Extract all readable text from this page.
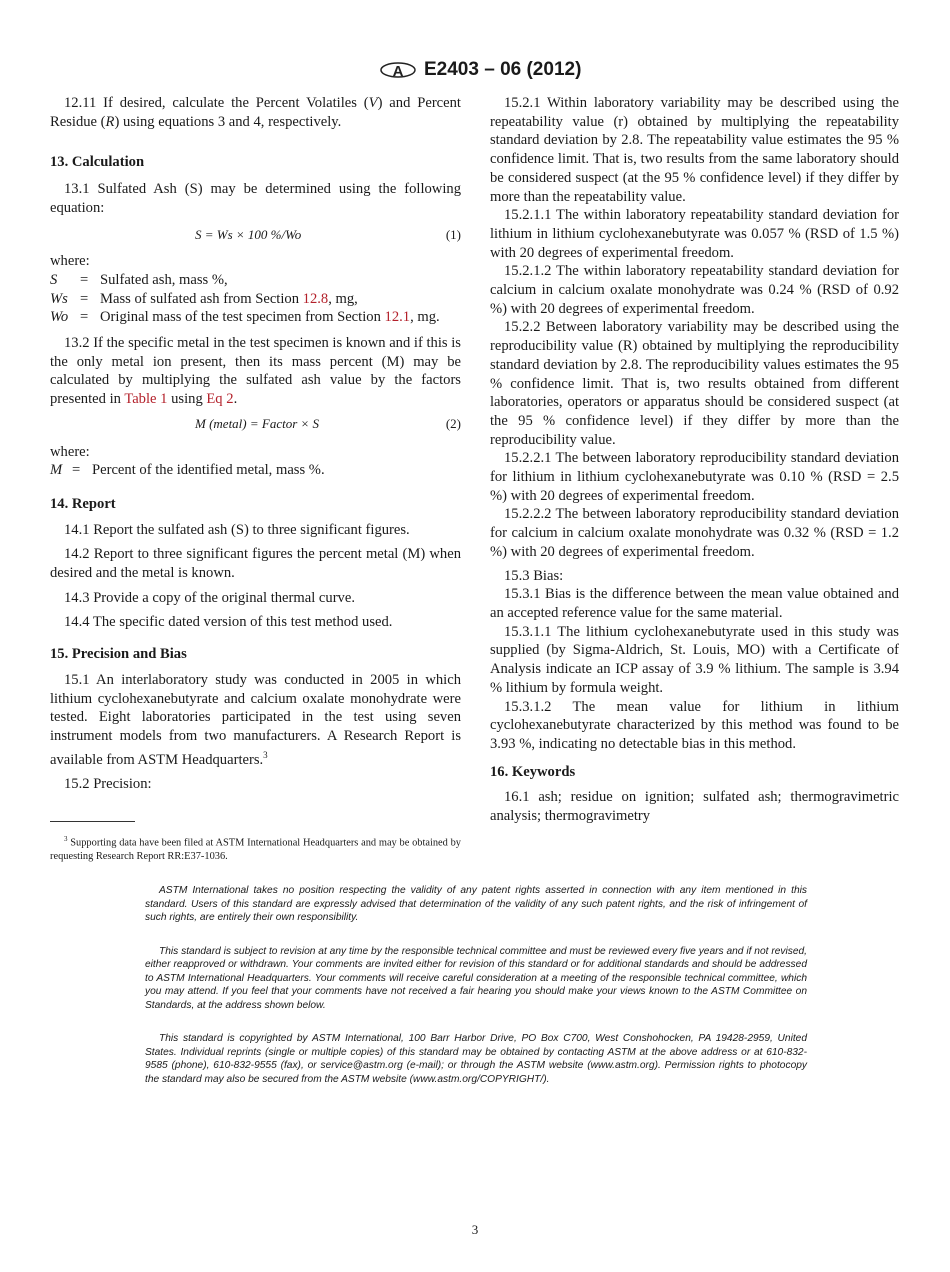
A E2403 – 06 (2012)

12.11 If desired, calculate the Percent Volatiles (V) and Percent Residue (R) using equations 3 and 4, respectively.

13. Calculation

13.1 Sulfated Ash (S) may be determined using the following equation:

S = Ws × 100 %/Wo	(1)

where:

S	= Sulfated ash, mass %,
Ws = Mass of sulfated ash from Section 12.8, mg,
Wo = Original mass of the test specimen from Section 12.1, mg.

13.2 If the specific metal in the test specimen is known and if this is the only metal ion present, then its mass percent (M) may be calculated by multiplying the sulfated ash value by the factors presented in Table 1 using Eq 2.

M (metal) = Factor × S	(2)

where:

M = Percent of the identified metal, mass %.

14. Report

14.1 Report the sulfated ash (S) to three significant figures.

14.2 Report to three significant figures the percent metal (M) when desired and the metal is known.

14.3 Provide a copy of the original thermal curve.

14.4 The specific dated version of this test method used.

15. Precision and Bias

15.1 An interlaboratory study was conducted in 2005 in which lithium cyclohexanebutyrate and calcium oxalate monohydrate were tested. Eight laboratories participated in the test using seven instrument models from two manufacturers. A Research Report is available from ASTM Headquarters.$^3$

15.2 Precision:

$^3$ Supporting data have been filed at ASTM International Headquarters and may be obtained by requesting Research Report RR:E37-1036.

15.2.1 Within laboratory variability may be described using the repeatability value (r) obtained by multiplying the repeatability standard deviation by 2.8. The repeatability value estimates the 95 % confidence limit. That is, two results from the same laboratory should be considered suspect (at the 95 % confidence level) if they differ by more than the repeatability value.

15.2.1.1 The within laboratory repeatability standard deviation for lithium in lithium cyclohexanebutyrate was 0.057 % (RSD of 1.5 %) with 20 degrees of experimental freedom.

15.2.1.2 The within laboratory repeatability standard deviation for calcium in calcium oxalate monohydrate was 0.24 % (RSD of 0.92 %) with 20 degrees of experimental freedom.

15.2.2 Between laboratory variability may be described using the reproducibility value (R) obtained by multiplying the reproducibility standard deviation by 2.8. The reproducibility values estimates the 95 % confidence limit. That is, two results obtained from different laboratories, operators or apparatus should be considered suspect (at the 95 % confidence level) if they differ by more than the reproducibility value.

15.2.2.1 The between laboratory reproducibility standard deviation for lithium in lithium cyclohexanebutyrate was 0.10 % (RSD = 2.5 %) with 20 degrees of experimental freedom.

15.2.2.2 The between laboratory reproducibility standard deviation for calcium in calcium oxalate monohydrate was 0.32 % (RSD = 1.2 %) with 20 degrees of experimental freedom.

15.3 Bias:

15.3.1 Bias is the difference between the mean value obtained and an accepted reference value for the same material.

15.3.1.1 The lithium cyclohexanebutyrate used in this study was supplied (by Sigma-Aldrich, St. Louis, MO) with a Certificate of Analysis indicate an ICP assay of 3.9 % lithium. The sample is 3.94 % lithium by formula weight.

15.3.1.2 The mean value for lithium in lithium cyclohexanebutyrate characterized by this method was found to be 3.93 %, indicating no detectable bias in this method.

16. Keywords

16.1 ash; residue on ignition; sulfated ash; thermogravimetric analysis; thermogravimetry

ASTM International takes no position respecting the validity of any patent rights asserted in connection with any item mentioned in this standard. Users of this standard are expressly advised that determination of the validity of any such patent rights, and the risk of infringement of such rights, are entirely their own responsibility.

This standard is subject to revision at any time by the responsible technical committee and must be reviewed every five years and if not revised, either reapproved or withdrawn. Your comments are invited either for revision of this standard or for additional standards and should be addressed to ASTM International Headquarters. Your comments will receive careful consideration at a meeting of the responsible technical committee, which you may attend. If you feel that your comments have not received a fair hearing you should make your views known to the ASTM Committee on Standards, at the address shown below.

This standard is copyrighted by ASTM International, 100 Barr Harbor Drive, PO Box C700, West Conshohocken, PA 19428-2959, United States. Individual reprints (single or multiple copies) of this standard may be obtained by contacting ASTM at the above address or at 610-832-9585 (phone), 610-832-9555 (fax), or service@astm.org (e-mail); or through the ASTM website (www.astm.org). Permission rights to photocopy the standard may also be secured from the ASTM website (www.astm.org/COPYRIGHT/).

3
